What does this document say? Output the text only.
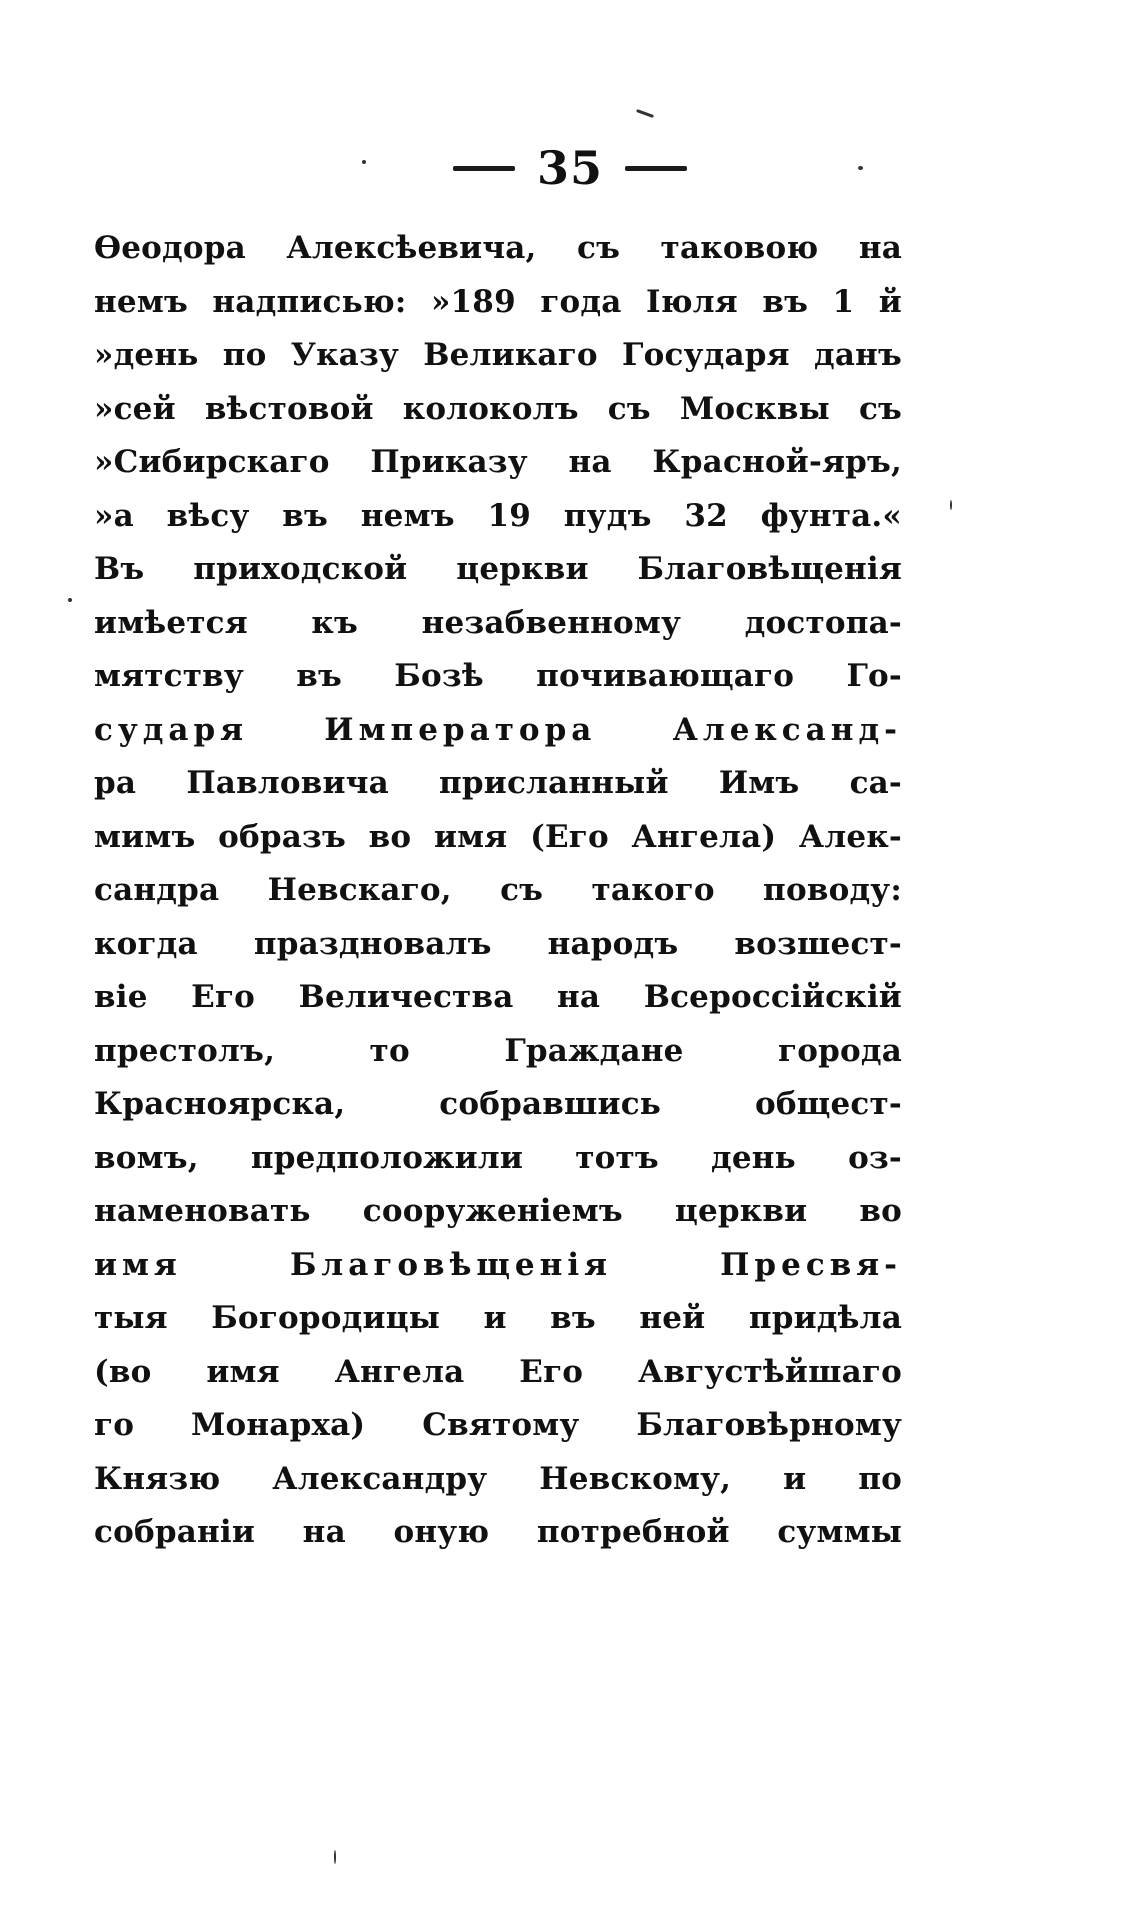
35
Ѳеодора Алексѣевича, съ таковою на
немъ надписью: »189 года Іюля въ 1 й
»день по Указу Великаго Государя данъ
»сей вѣстовой колоколъ съ Москвы съ
»Сибирскаго Приказу на Красной-яръ,
»а вѣсу въ немъ 19 пудъ 32 фунта.«
Въ приходской церкви Благовѣщенія
имѣется къ незабвенному достопа-
мятству въ Бозѣ почивающаго Го-
сударя Императора Александ-
ра Павловича присланный Имъ са-
мимъ образъ во имя (Его Ангела) Алек-
сандра Невскаго, съ такого поводу:
когда праздновалъ народъ возшест-
віе Его Величества на Всероссійскій
престолъ, то Граждане города
Красноярска, собравшись общест-
вомъ, предположили тотъ день оз-
наменовать сооруженіемъ церкви во
имя Благовѣщенія Пресвя-
тыя Богородицы и въ ней придѣла
(во имя Ангела Его Августѣйшаго
го Монарха) Святому Благовѣрному
Князю Александру Невскому, и по
собраніи на оную потребной суммы
